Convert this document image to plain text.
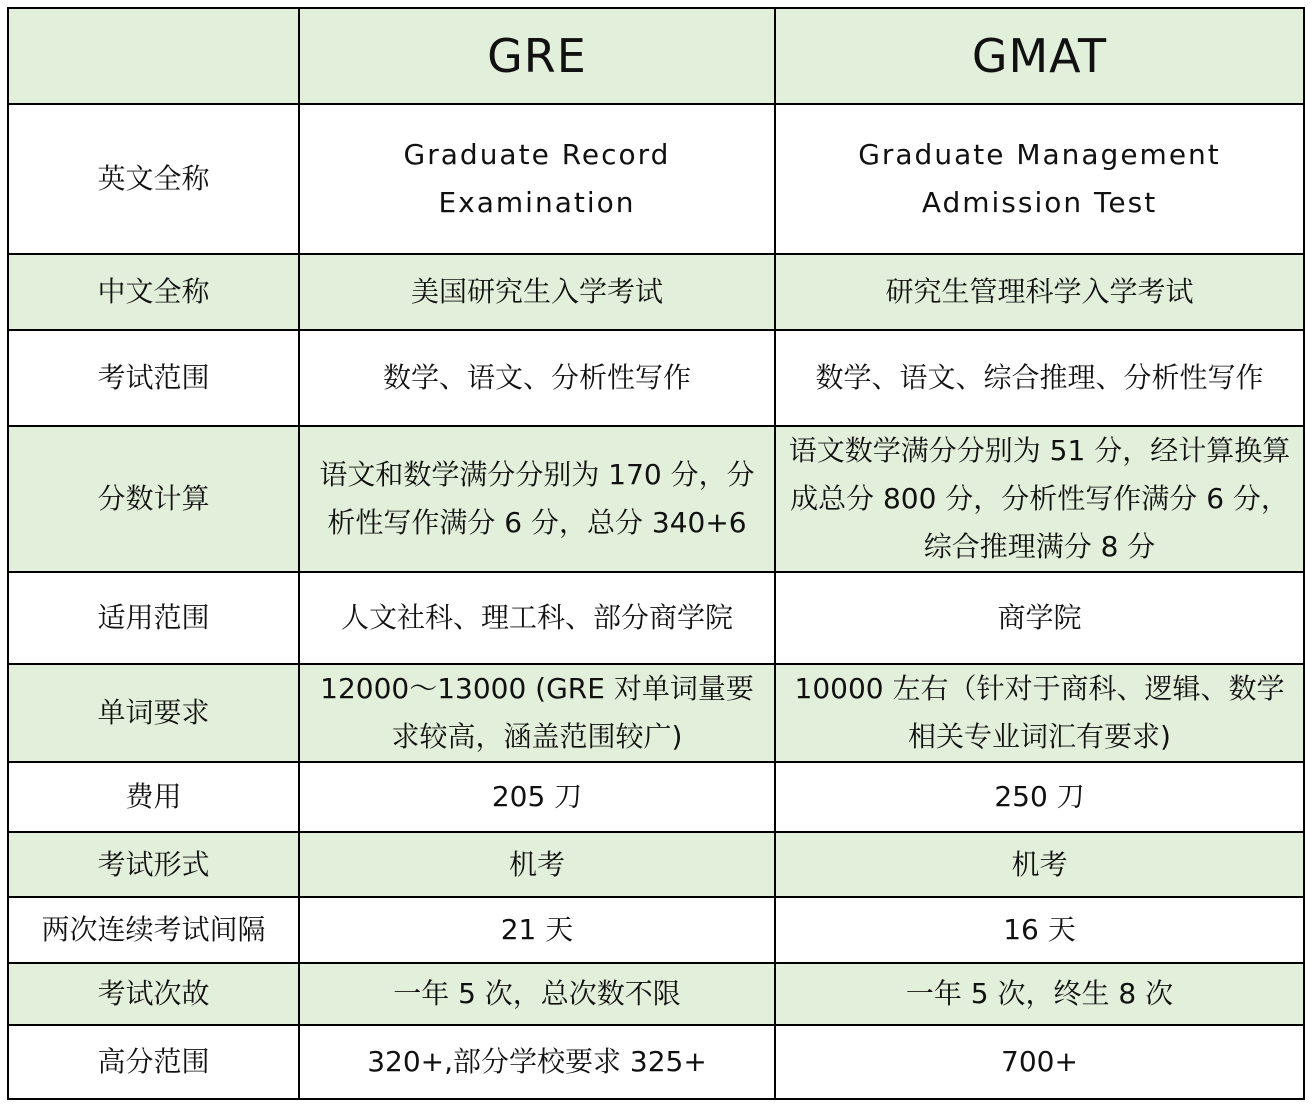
	GRE	GMAT
英文全称	Graduate Record Examination	Graduate Management Admission Test
中文全称	美国研究生入学考试	研究生管理科学入学考试
考试范围	数学、语文、分析性写作	数学、语文、综合推理、分析性写作
分数计算	语文和数学满分分别为 170 分，分析性写作满分 6 分，总分 340+6	语文数学满分分别为 51 分，经计算换算成总分 800 分，分析性写作满分 6 分，综合推理满分 8 分
适用范围	人文社科、理工科、部分商学院	商学院
单词要求	12000～13000 (GRE 对单词量要求较高，涵盖范围较广)	10000 左右（针对于商科、逻辑、数学相关专业词汇有要求)
费用	205 刀	250 刀
考试形式	机考	机考
两次连续考试间隔	21 天	16 天
考试次故	一年 5 次，总次数不限	一年 5 次，终生 8 次
高分范围	320+,部分学校要求 325+	700+
